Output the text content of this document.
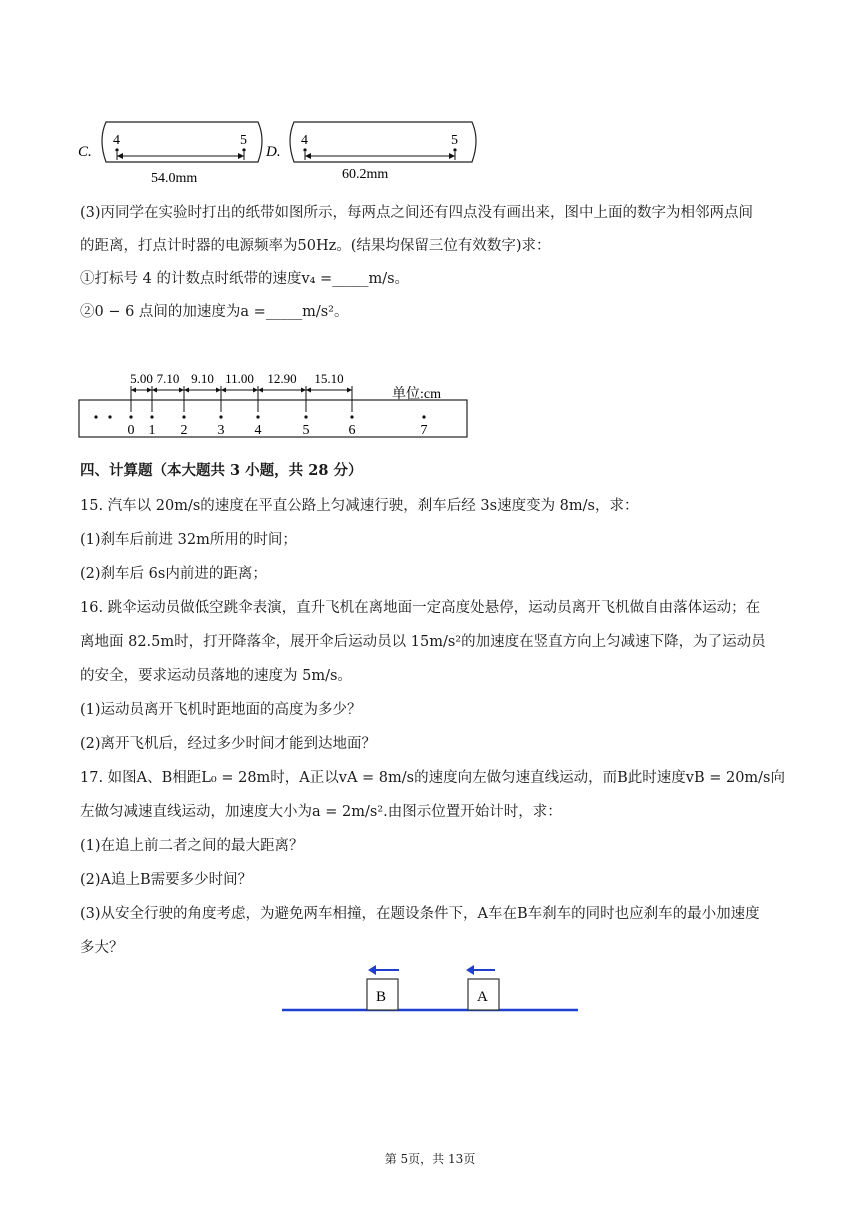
C.
4	5
54.0mm
D.
4	5
60.2mm
(3)丙同学在实验时打出的纸带如图所示，每两点之间还有四点没有画出来，图中上面的数字为相邻两点间
的距离，打点计时器的电源频率为50Hz。(结果均保留三位有效数字)求：
①打标号 4 的计数点时纸带的速度v₄ =_____m/s。
②0 − 6 点间的加速度为a =_____m/s²。
0 1 2 3 4	5	6	7
5.00 7.10 9.10 11.00 12.90 15.10
单位:cm
四、计算题（本大题共 3 小题，共 28 分）
15. 汽车以 20m/s的速度在平直公路上匀减速行驶，刹车后经 3s速度变为 8m/s，求：
(1)刹车后前进 32m所用的时间；
(2)刹车后 6s内前进的距离；
16. 跳伞运动员做低空跳伞表演，直升飞机在离地面一定高度处悬停，运动员离开飞机做自由落体运动；在
离地面 82.5m时，打开降落伞，展开伞后运动员以 15m/s²的加速度在竖直方向上匀减速下降，为了运动员
的安全，要求运动员落地的速度为 5m/s。
(1)运动员离开飞机时距地面的高度为多少？
(2)离开飞机后，经过多少时间才能到达地面？
17. 如图A、B相距L₀ = 28m时，A正以vA = 8m/s的速度向左做匀速直线运动，而B此时速度vB = 20m/s向
左做匀减速直线运动，加速度大小为a = 2m/s².由图示位置开始计时，求：
(1)在追上前二者之间的最大距离？
(2)A追上B需要多少时间？
(3)从安全行驶的角度考虑，为避免两车相撞，在题设条件下，A车在B车刹车的同时也应刹车的最小加速度
多大？
B	A
第 5页，共 13页
